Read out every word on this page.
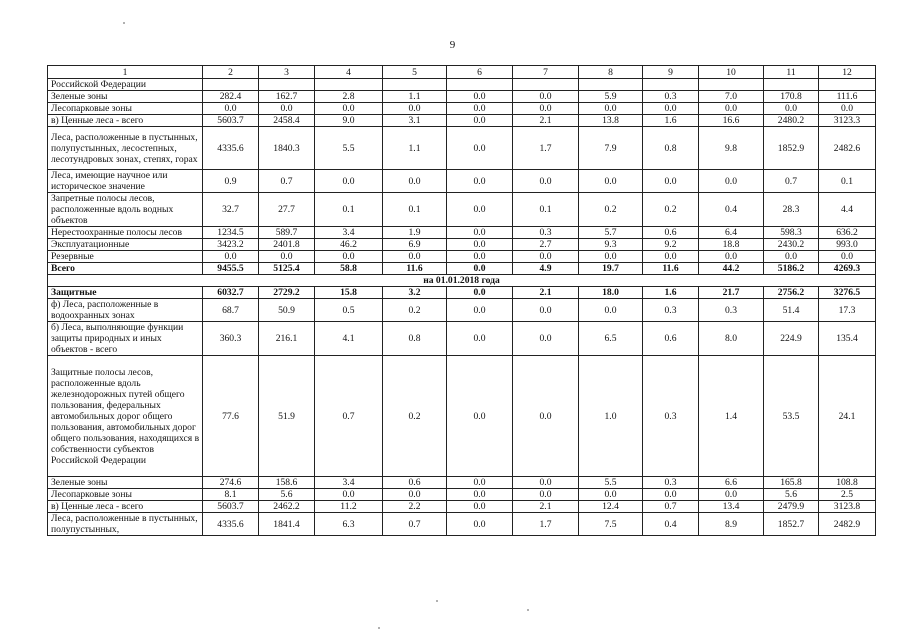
9
1	2	3	4	5	6	7	8	9	10	11	12
Российской Федерации											
Зеленые зоны	282.4	162.7	2.8	1.1	0.0	0.0	5.9	0.3	7.0	170.8	111.6
Лесопарковые зоны	0.0	0.0	0.0	0.0	0.0	0.0	0.0	0.0	0.0	0.0	0.0
в) Ценные леса - всего	5603.7	2458.4	9.0	3.1	0.0	2.1	13.8	1.6	16.6	2480.2	3123.3
Леса, расположенные в пустынных, полупустынных, лесостепных, лесотундровых зонах, степях, горах	4335.6	1840.3	5.5	1.1	0.0	1.7	7.9	0.8	9.8	1852.9	2482.6
Леса, имеющие научное или историческое значение	0.9	0.7	0.0	0.0	0.0	0.0	0.0	0.0	0.0	0.7	0.1
Запретные полосы лесов, расположенные вдоль водных объектов	32.7	27.7	0.1	0.1	0.0	0.1	0.2	0.2	0.4	28.3	4.4
Нерестоохранные полосы лесов	1234.5	589.7	3.4	1.9	0.0	0.3	5.7	0.6	6.4	598.3	636.2
Эксплуатационные	3423.2	2401.8	46.2	6.9	0.0	2.7	9.3	9.2	18.8	2430.2	993.0
Резервные	0.0	0.0	0.0	0.0	0.0	0.0	0.0	0.0	0.0	0.0	0.0
Всего	9455.5	5125.4	58.8	11.6	0.0	4.9	19.7	11.6	44.2	5186.2	4269.3
на 01.01.2018 года											
Защитные	6032.7	2729.2	15.8	3.2	0.0	2.1	18.0	1.6	21.7	2756.2	3276.5
ф) Леса, расположенные в водоохранных зонах	68.7	50.9	0.5	0.2	0.0	0.0	0.0	0.3	0.3	51.4	17.3
б) Леса, выполняющие функции защиты природных и иных объектов - всего	360.3	216.1	4.1	0.8	0.0	0.0	6.5	0.6	8.0	224.9	135.4
Защитные полосы лесов, расположенные вдоль железнодорожных путей общего пользования, федеральных автомобильных дорог общего пользования, автомобильных дорог общего пользования, находящихся в собственности субъектов Российской Федерации	77.6	51.9	0.7	0.2	0.0	0.0	1.0	0.3	1.4	53.5	24.1
Зеленые зоны	274.6	158.6	3.4	0.6	0.0	0.0	5.5	0.3	6.6	165.8	108.8
Лесопарковые зоны	8.1	5.6	0.0	0.0	0.0	0.0	0.0	0.0	0.0	5.6	2.5
в) Ценные леса - всего	5603.7	2462.2	11.2	2.2	0.0	2.1	12.4	0.7	13.4	2479.9	3123.8
Леса, расположенные в пустынных, полупустынных,	4335.6	1841.4	6.3	0.7	0.0	1.7	7.5	0.4	8.9	1852.7	2482.9
